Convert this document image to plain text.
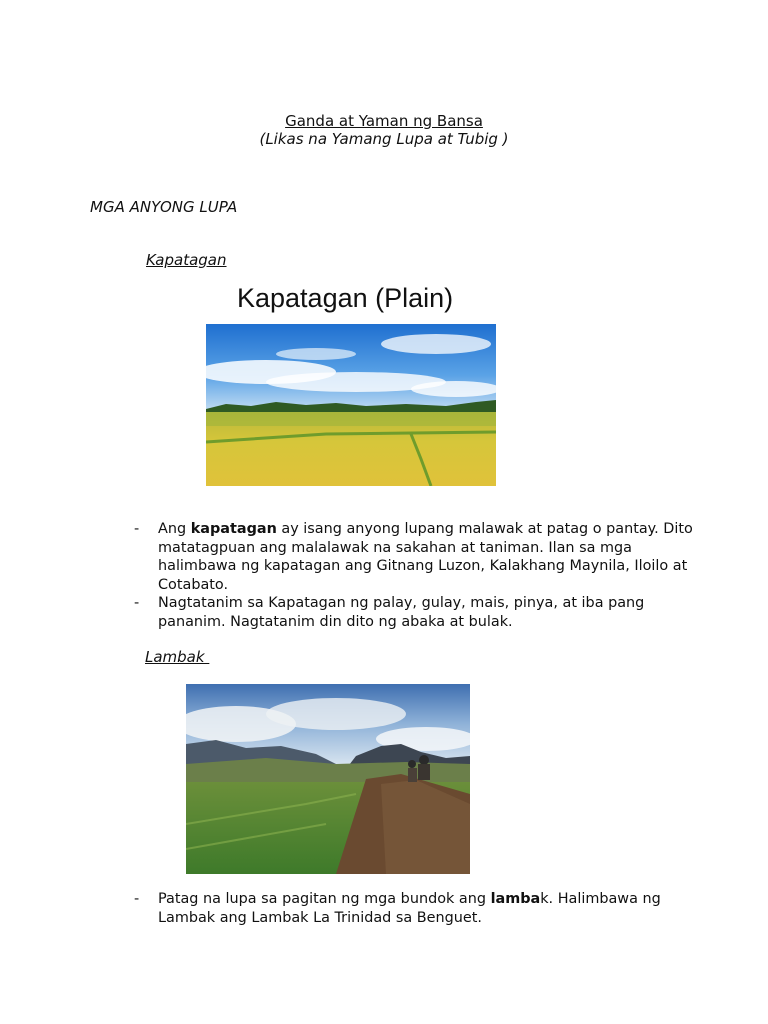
Ganda at Yaman ng Bansa
(Likas na Yamang Lupa at Tubig )
MGA ANYONG LUPA
Kapatagan
Kapatagan (Plain)
- Ang kapatagan ay isang anyong lupang malawak at patag o pantay. Dito matatagpuan ang malalawak na sakahan at taniman. Ilan sa mga halimbawa ng kapatagan ang Gitnang Luzon, Kalakhang Maynila, Iloilo at Cotabato.
- Nagtatanim sa Kapatagan ng palay, gulay, mais, pinya, at iba pang pananim. Nagtatanim din dito ng abaka at bulak.
Lambak
- Patag na lupa sa pagitan ng mga bundok ang lambak. Halimbawa ng Lambak ang Lambak La Trinidad sa Benguet.
